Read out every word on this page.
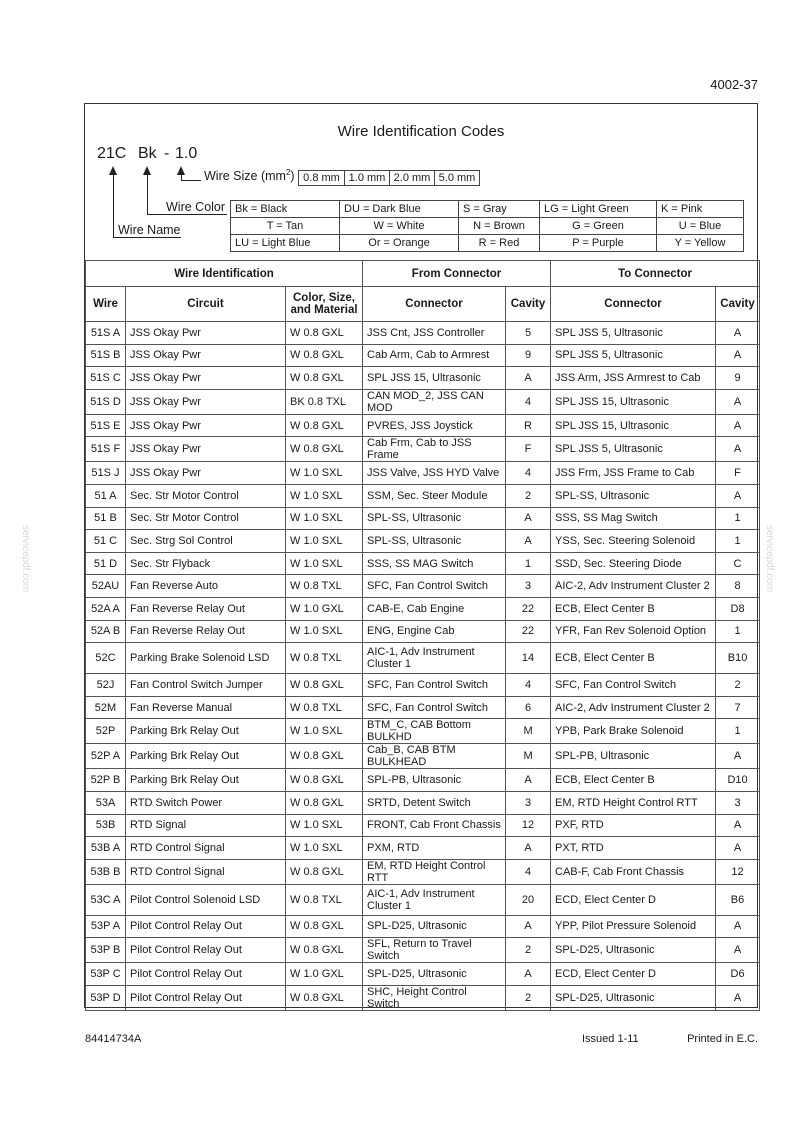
4002-37
servicepdf.com	servicepdf.com
Wire Identification Codes
21C Bk - 1.0
Wire Size $(mm^2)$ 0.8 mm 1.0 mm 2.0 mm 5.0 mm
Wire Color
Wire Name
Bk = Black	DU = Dark Blue	S = Gray	LG = Light Green	K = Pink
T = Tan	W = White	N = Brown	G = Green	U = Blue
LU = Light Blue	Or = Orange	R = Red	P = Purple	Y = Yellow
Wire Identification			From Connector		To Connector	
Wire	Circuit	Color, Size,
and Material	Connector	Cavity	Connector	Cavity
51S A	JSS Okay Pwr	W 0.8 GXL	JSS Cnt, JSS Controller	5	SPL JSS 5, Ultrasonic	A
51S B	JSS Okay Pwr	W 0.8 GXL	Cab Arm, Cab to Armrest	9	SPL JSS 5, Ultrasonic	A
51S C	JSS Okay Pwr	W 0.8 GXL	SPL JSS 15, Ultrasonic	A	JSS Arm, JSS Armrest to Cab	9
51S D	JSS Okay Pwr	BK 0.8 TXL	CAN MOD_2, JSS CAN MOD	4	SPL JSS 15, Ultrasonic	A
51S E	JSS Okay Pwr	W 0.8 GXL	PVRES, JSS Joystick	R	SPL JSS 15, Ultrasonic	A
51S F	JSS Okay Pwr	W 0.8 GXL	Cab Frm, Cab to JSS Frame	F	SPL JSS 5, Ultrasonic	A
51S J	JSS Okay Pwr	W 1.0 SXL	JSS Valve, JSS HYD Valve	4	JSS Frm, JSS Frame to Cab	F
51 A	Sec. Str Motor Control	W 1.0 SXL	SSM, Sec. Steer Module	2	SPL-SS, Ultrasonic	A
51 B	Sec. Str Motor Control	W 1.0 SXL	SPL-SS, Ultrasonic	A	SSS, SS Mag Switch	1
51 C	Sec. Strg Sol Control	W 1.0 SXL	SPL-SS, Ultrasonic	A	YSS, Sec. Steering Solenoid	1
51 D	Sec. Str Flyback	W 1.0 SXL	SSS, SS MAG Switch	1	SSD, Sec. Steering Diode	C
52AU	Fan Reverse Auto	W 0.8 TXL	SFC, Fan Control Switch	3	AIC-2, Adv Instrument Cluster 2	8
52A A	Fan Reverse Relay Out	W 1.0 GXL	CAB-E, Cab Engine	22	ECB, Elect Center B	D8
52A B	Fan Reverse Relay Out	W 1.0 SXL	ENG, Engine Cab	22	YFR, Fan Rev Solenoid Option	1
52C	Parking Brake Solenoid LSD	W 0.8 TXL	AIC-1, Adv Instrument Cluster 1	14	ECB, Elect Center B	B10
52J	Fan Control Switch Jumper	W 0.8 GXL	SFC, Fan Control Switch	4	SFC, Fan Control Switch	2
52M	Fan Reverse Manual	W 0.8 TXL	SFC, Fan Control Switch	6	AIC-2, Adv Instrument Cluster 2	7
52P	Parking Brk Relay Out	W 1.0 SXL	BTM_C, CAB Bottom BULKHD	M	YPB, Park Brake Solenoid	1
52P A	Parking Brk Relay Out	W 0.8 GXL	Cab_B, CAB BTM BULKHEAD	M	SPL-PB, Ultrasonic	A
52P B	Parking Brk Relay Out	W 0.8 GXL	SPL-PB, Ultrasonic	A	ECB, Elect Center B	D10
53A	RTD Switch Power	W 0.8 GXL	SRTD, Detent Switch	3	EM, RTD Height Control RTT	3
53B	RTD Signal	W 1.0 SXL	FRONT, Cab Front Chassis	12	PXF, RTD	A
53B A	RTD Control Signal	W 1.0 SXL	PXM, RTD	A	PXT, RTD	A
53B B	RTD Control Signal	W 0.8 GXL	EM, RTD Height Control RTT	4	CAB-F, Cab Front Chassis	12
53C A	Pilot Control Solenoid LSD	W 0.8 TXL	AIC-1, Adv Instrument Cluster 1	20	ECD, Elect Center D	B6
53P A	Pilot Control Relay Out	W 0.8 GXL	SPL-D25, Ultrasonic	A	YPP, Pilot Pressure Solenoid	A
53P B	Pilot Control Relay Out	W 0.8 GXL	SFL, Return to Travel Switch	2	SPL-D25, Ultrasonic	A
53P C	Pilot Control Relay Out	W 1.0 GXL	SPL-D25, Ultrasonic	A	ECD, Elect Center D	D6
53P D	Pilot Control Relay Out	W 0.8 GXL	SHC, Height Control Switch	2	SPL-D25, Ultrasonic	A
84414734A	Issued 1-11	Printed in E.C.
